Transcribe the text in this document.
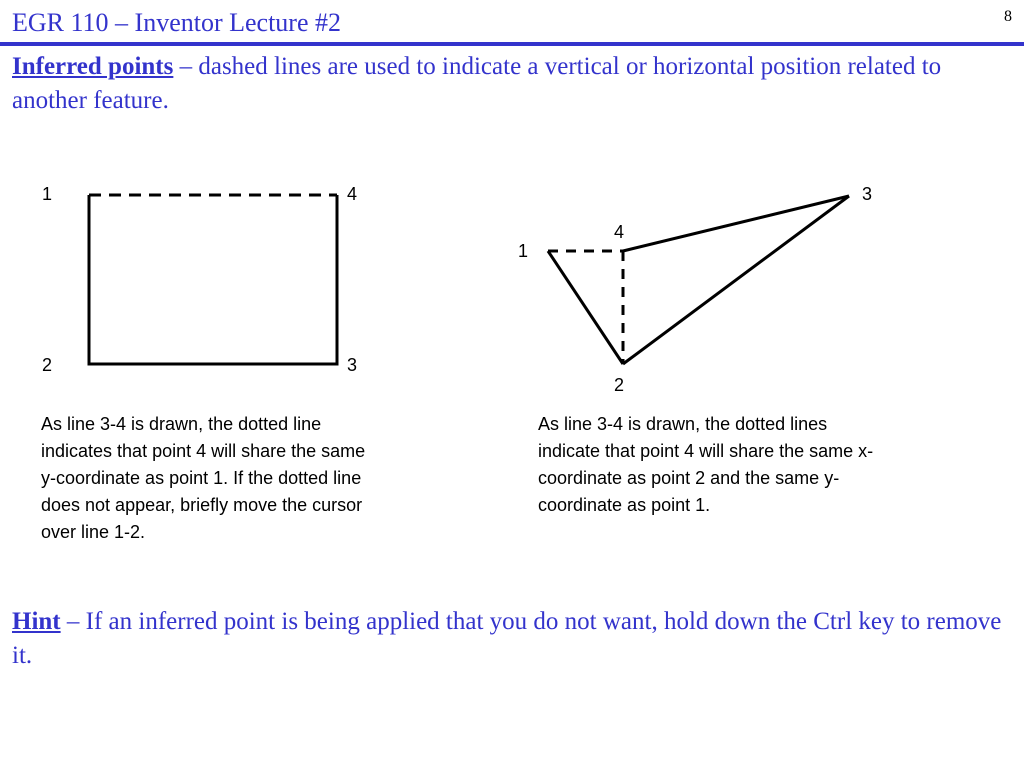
EGR 110 – Inventor Lecture #2	8

Inferred points – dashed lines are used to indicate a vertical or horizontal position related to another feature.

1	4
2	3
3
4
1
2

As line 3-4 is drawn, the dotted line indicates that point 4 will share the same y-coordinate as point 1. If the dotted line does not appear, briefly move the cursor over line 1-2.

As line 3-4 is drawn, the dotted lines indicate that point 4 will share the same x-coordinate as point 2 and the same y-coordinate as point 1.

Hint – If an inferred point is being applied that you do not want, hold down the Ctrl key to remove it.
